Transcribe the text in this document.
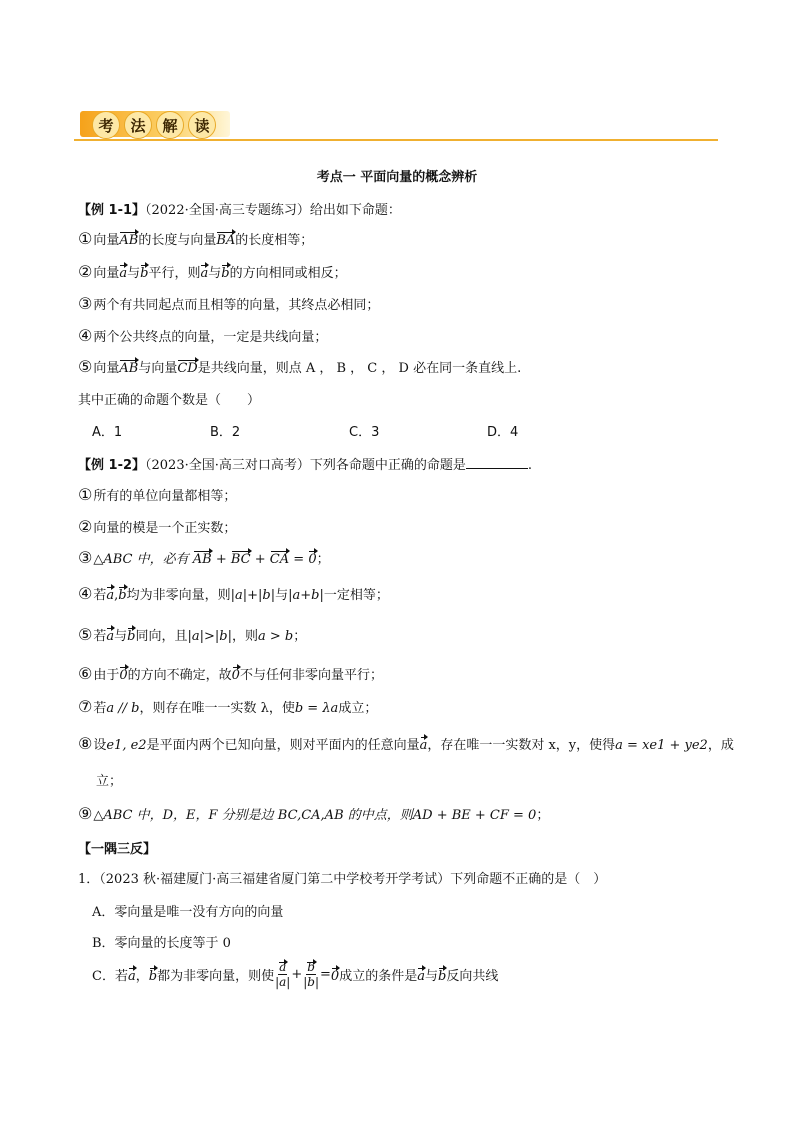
考	法	解	读
考点一 平面向量的概念辨析
【例 1-1】（2022·全国·高三专题练习）给出如下命题：
①向量AB的长度与向量BA的长度相等；
②向量a与b平行，则a与b的方向相同或相反；
③两个有共同起点而且相等的向量，其终点必相同；
④两个公共终点的向量，一定是共线向量；
⑤向量AB与向量CD是共线向量，则点 A ， B ， C ， D 必在同一条直线上.
其中正确的命题个数是（　　）
A．1	B．2	C．3	D．4
【例 1-2】（2023·全国·高三对口高考）下列各命题中正确的命题是	.
①所有的单位向量都相等；
②向量的模是一个正实数；
③△ABC 中，必有 AB + BC + CA = 0；
④若a,b均为非零向量，则|a|+|b|与|a+b|一定相等；
⑤若a与b同向，且|a|>|b|，则a > b；
⑥由于0的方向不确定，故0不与任何非零向量平行；
⑦若a // b，则存在唯一一实数 λ，使b = λa成立；
⑧设e1, e2是平面内两个已知向量，则对平面内的任意向量a，存在唯一一实数对 x，y，使得a = xe1 + ye2，成
立；
⑨△ABC 中，D，E，F 分别是边 BC,CA,AB 的中点，则AD + BE + CF = 0；
【一隅三反】
1．（2023 秋·福建厦门·高三福建省厦门第二中学校考开学考试）下列命题不正确的是（　）
A．零向量是唯一没有方向的向量
B．零向量的长度等于 0
C．若 a ， b 都为非零向量，则使 $\frac{a}{|a|} + \frac{b}{|b|} = 0$ 成立的条件是 a 与 b 反向共线
